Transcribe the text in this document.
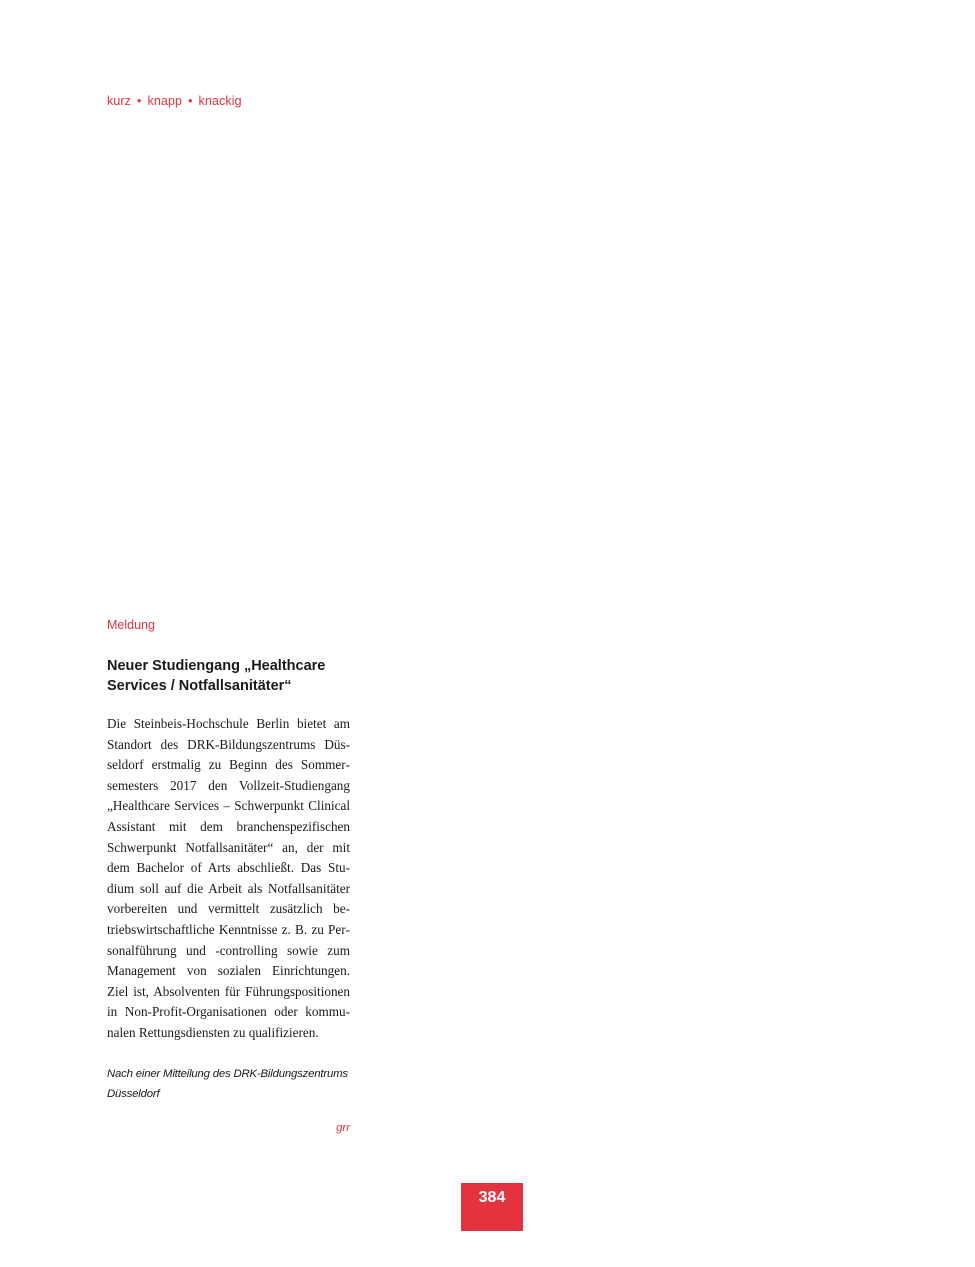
kurz • knapp • knackig

Meldung

Neuer Studiengang „Healthcare Services / Notfallsanitäter“

Die Steinbeis-Hochschule Berlin bietet am Standort des DRK-Bildungszentrums Düsseldorf erstmalig zu Beginn des Sommersemesters 2017 den Vollzeit-Studiengang „Healthcare Services – Schwerpunkt Clinical Assistant mit dem branchenspezifischen Schwerpunkt Notfallsanitäter“ an, der mit dem Bachelor of Arts abschließt. Das Studium soll auf die Arbeit als Notfallsanitäter vorbereiten und vermittelt zusätzlich betriebswirtschaftliche Kenntnisse z. B. zu Personalführung und -controlling sowie zum Management von sozialen Einrichtungen. Ziel ist, Absolventen für Führungspositionen in Non-Profit-Organisationen oder kommunalen Rettungsdiensten zu qualifizieren.

Nach einer Mitteilung des DRK-Bildungszentrums Düsseldorf

grr

384
